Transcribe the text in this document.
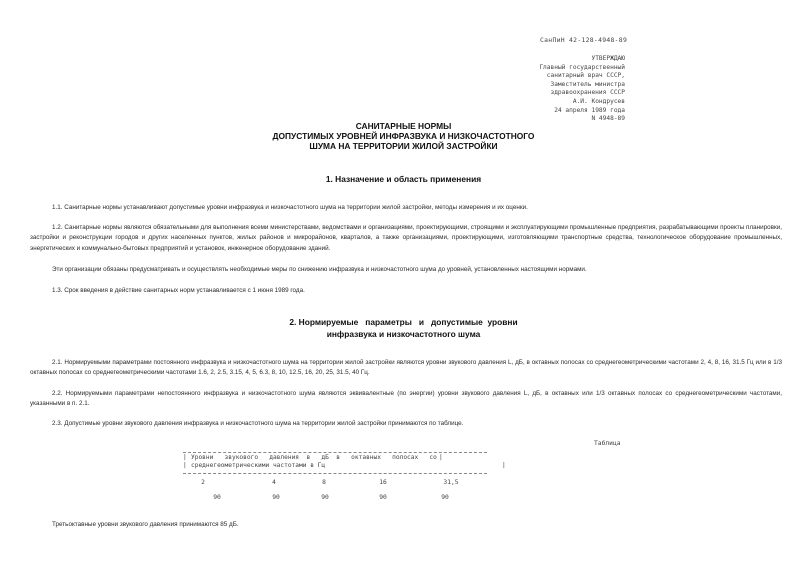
СанПиН 42-128-4948-89
УТВЕРЖДАЮ
Главный государственный
санитарный врач СССР,
Заместитель министра
здравоохранения СССР
А.И. Кондрусев
24 апреля 1989 года
N 4948-89
САНИТАРНЫЕ НОРМЫ
ДОПУСТИМЫХ УРОВНЕЙ ИНФРАЗВУКА И НИЗКОЧАСТОТНОГО
ШУМА НА ТЕРРИТОРИИ ЖИЛОЙ ЗАСТРОЙКИ
1. Назначение и область применения
1.1. Санитарные нормы устанавливают допустимые уровни инфразвука и низкочастотного шума на территории жилой застройки, методы измерения и их оценки.
1.2. Санитарные нормы являются обязательными для выполнения всеми министерствами, ведомствами и организациями, проектирующими, строящими и эксплуатирующими промышленные предприятия, разрабатывающими проекты планировки, застройки и реконструкции городов и других населенных пунктов, жилых районов и микрорайонов, кварталов, а также организациями, проектирующими, изготовляющими транспортные средства, технологическое оборудование промышленных, энергетических и коммунально-бытовых предприятий и установок, инженерное оборудование зданий.
Эти организации обязаны предусматривать и осуществлять необходимые меры по снижению инфразвука и низкочастотного шума до уровней, установленных настоящими нормами.
1.3. Срок введения в действие санитарных норм устанавливается с 1 июня 1989 года.
2. Нормируемые   параметры   и   допустимые  уровни
инфразвука и низкочастотного шума
2.1. Нормируемыми параметрами постоянного инфразвука и низкочастотного шума на территории жилой застройки являются уровни звукового давления L, дБ, в октавных полосах со среднегеометрическими частотами 2, 4, 8, 16, 31.5 Гц или в 1/3 октавных полосах со среднегеометрическими частотами 1.6, 2, 2.5, 3.15, 4, 5, 6.3, 8, 10, 12.5, 16, 20, 25, 31.5, 40 Гц.
2.2. Нормируемыми параметрами непостоянного инфразвука и низкочастотного шума являются эквивалентные (по энергии) уровни звукового давления L, дБ, в октавных или 1/3 октавных полосах со среднегеометрическими частотами, указанными в п. 2.1.
2.3. Допустимые уровни звукового давления инфразвука и низкочастотного шума на территории жилой застройки принимаются по таблице.
Таблица
| Уровни   звукового   давления  в   дБ  в   октавных   полосах   со |
| среднегеометрическими частотами в Гц	|
2	4	8	16	31,5
90	90	90	90	90
Третьоктавные уровни звукового давления принимаются 85 дБ.
